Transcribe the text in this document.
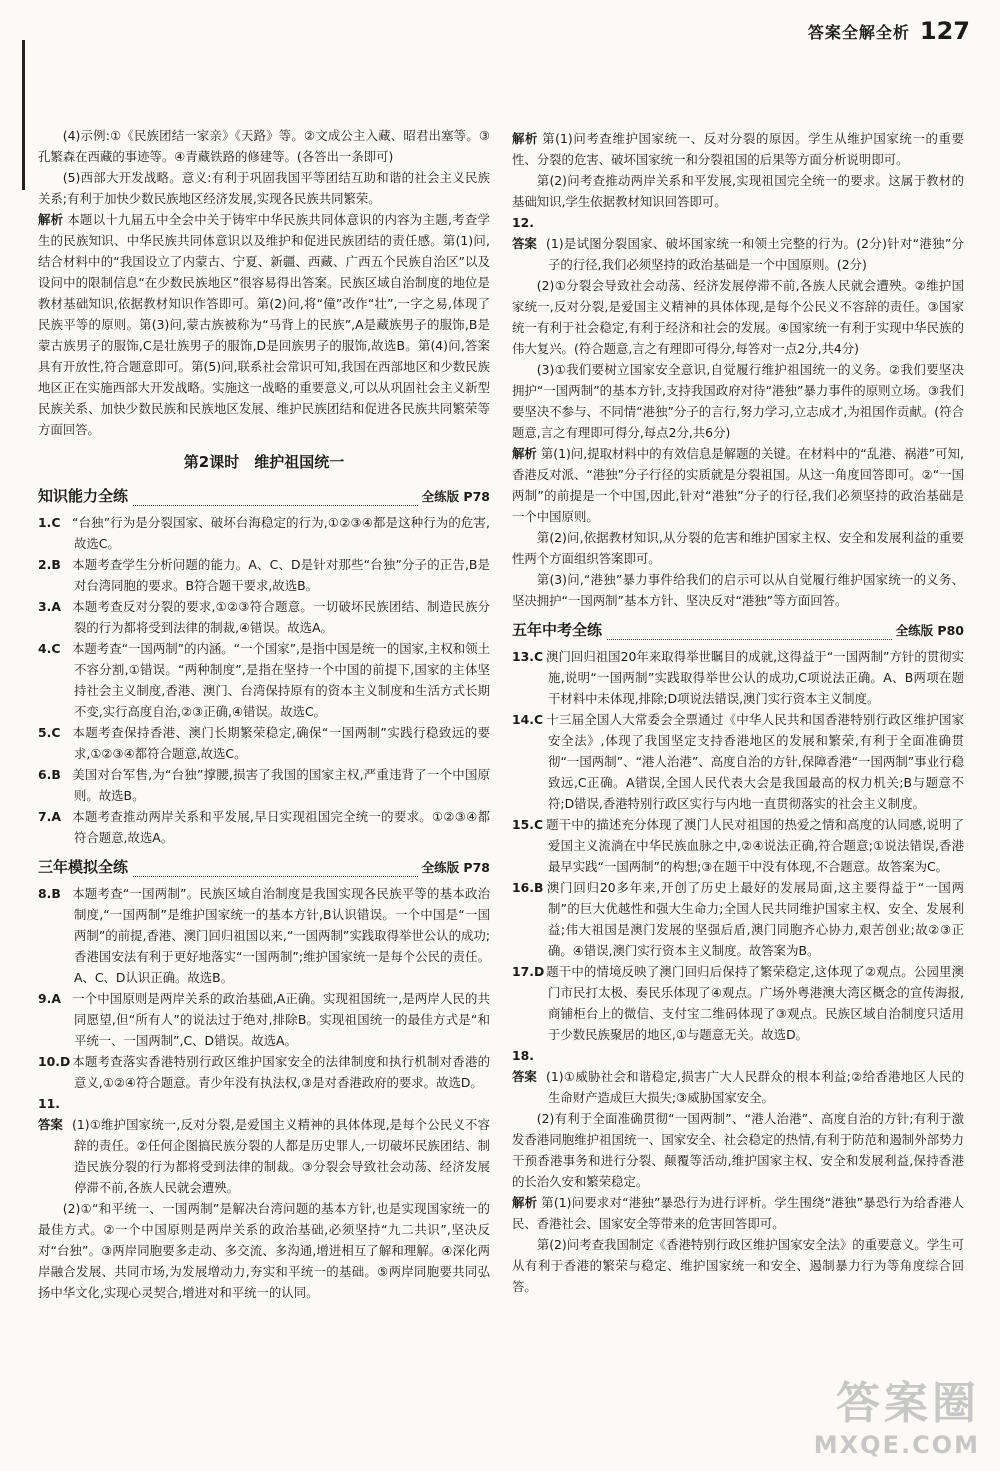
答案全解全析 127

(4)示例:①《民族团结一家亲》《天路》等。②文成公主入藏、昭君出塞等。③孔繁森在西藏的事迹等。④青藏铁路的修建等。(各答出一条即可)

(5)西部大开发战略。意义:有利于巩固我国平等团结互助和谐的社会主义民族关系;有利于加快少数民族地区经济发展,实现各民族共同繁荣。

解析 本题以十九届五中全会中关于铸牢中华民族共同体意识的内容为主题,考查学生的民族知识、中华民族共同体意识以及维护和促进民族团结的责任感。第(1)问,结合材料中的“我国设立了内蒙古、宁夏、新疆、西藏、广西五个民族自治区”以及设问中的限制信息“在少数民族地区”很容易得出答案。民族区域自治制度的地位是教材基础知识,依据教材知识作答即可。第(2)问,将“僮”改作“壮”,一字之易,体现了民族平等的原则。第(3)问,蒙古族被称为“马背上的民族”,A是藏族男子的服饰,B是蒙古族男子的服饰,C是壮族男子的服饰,D是回族男子的服饰,故选B。第(4)问,答案具有开放性,符合题意即可。第(5)问,联系社会常识可知,我国在西部地区和少数民族地区正在实施西部大开发战略。实施这一战略的重要意义,可以从巩固社会主义新型民族关系、加快少数民族和民族地区发展、维护民族团结和促进各民族共同繁荣等方面回答。

第2课时　维护祖国统一
知识能力全练	全练版 P78

1.C “台独”行为是分裂国家、破坏台海稳定的行为,①②③④都是这种行为的危害,故选C。

2.B 本题考查学生分析问题的能力。A、C、D是针对那些“台独”分子的正告,B是对台湾同胞的要求。B符合题干要求,故选B。

3.A 本题考查反对分裂的要求,①②③符合题意。一切破坏民族团结、制造民族分裂的行为都将受到法律的制裁,④错误。故选A。

4.C 本题考查“一国两制”的内涵。“一个国家”,是指中国是统一的国家,主权和领土不容分割,①错误。“两种制度”,是指在坚持一个中国的前提下,国家的主体坚持社会主义制度,香港、澳门、台湾保持原有的资本主义制度和生活方式长期不变,实行高度自治,②③正确,④错误。故选C。

5.C 本题考查保持香港、澳门长期繁荣稳定,确保“一国两制”实践行稳致远的要求,①②③④都符合题意,故选C。

6.B 美国对台军售,为“台独”撑腰,损害了我国的国家主权,严重违背了一个中国原则。故选B。

7.A 本题考查推动两岸关系和平发展,早日实现祖国完全统一的要求。①②③④都符合题意,故选A。

三年模拟全练	全练版 P78

8.B 本题考查“一国两制”。民族区域自治制度是我国实现各民族平等的基本政治制度,“一国两制”是维护国家统一的基本方针,B认识错误。一个中国是“一国两制”的前提,香港、澳门回归祖国以来,“一国两制”实践取得举世公认的成功;香港国安法有利于更好地落实“一国两制”;维护国家统一是每个公民的责任。A、C、D认识正确。故选B。

9.A 一个中国原则是两岸关系的政治基础,A正确。实现祖国统一,是两岸人民的共同愿望,但“所有人”的说法过于绝对,排除B。实现祖国统一的最佳方式是“和平统一、一国两制”,C、D错误。故选A。

10.D 本题考查落实香港特别行政区维护国家安全的法律制度和执行机制对香港的意义,①②④符合题意。青少年没有执法权,③是对香港政府的要求。故选D。

11.答案 (1)①维护国家统一,反对分裂,是爱国主义精神的具体体现,是每个公民义不容辞的责任。②任何企图搞民族分裂的人都是历史罪人,一切破坏民族团结、制造民族分裂的行为都将受到法律的制裁。③分裂会导致社会动荡、经济发展停滞不前,各族人民就会遭殃。

(2)①“和平统一、一国两制”是解决台湾问题的基本方针,也是实现国家统一的最佳方式。②一个中国原则是两岸关系的政治基础,必须坚持“九二共识”,坚决反对“台独”。③两岸同胞要多走动、多交流、多沟通,增进相互了解和理解。④深化两岸融合发展、共同市场,为发展增动力,夯实和平统一的基础。⑤两岸同胞要共同弘扬中华文化,实现心灵契合,增进对和平统一的认同。

解析 第(1)问考查维护国家统一、反对分裂的原因。学生从维护国家统一的重要性、分裂的危害、破坏国家统一和分裂祖国的后果等方面分析说明即可。

第(2)问考查推动两岸关系和平发展,实现祖国完全统一的要求。这属于教材的基础知识,学生依据教材知识回答即可。

12.答案 (1)是试图分裂国家、破坏国家统一和领土完整的行为。(2分)针对“港独”分子的行径,我们必须坚持的政治基础是一个中国原则。(2分)

(2)①分裂会导致社会动荡、经济发展停滞不前,各族人民就会遭殃。②维护国家统一,反对分裂,是爱国主义精神的具体体现,是每个公民义不容辞的责任。③国家统一有利于社会稳定,有利于经济和社会的发展。④国家统一有利于实现中华民族的伟大复兴。(符合题意,言之有理即可得分,每答对一点2分,共4分)

(3)①我们要树立国家安全意识,自觉履行维护祖国统一的义务。②我们要坚决拥护“一国两制”的基本方针,支持我国政府对待“港独”暴力事件的原则立场。③我们要坚决不参与、不同情“港独”分子的言行,努力学习,立志成才,为祖国作贡献。(符合题意,言之有理即可得分,每点2分,共6分)

解析 第(1)问,提取材料中的有效信息是解题的关键。在材料中的“乱港、祸港”可知,香港反对派、“港独”分子行径的实质就是分裂祖国。从这一角度回答即可。②“一国两制”的前提是一个中国,因此,针对“港独”分子的行径,我们必须坚持的政治基础是一个中国原则。

第(2)问,依据教材知识,从分裂的危害和维护国家主权、安全和发展利益的重要性两个方面组织答案即可。

第(3)问,“港独”暴力事件给我们的启示可以从自觉履行维护国家统一的义务、坚决拥护“一国两制”基本方针、坚决反对“港独”等方面回答。

五年中考全练	全练版 P80

13.C 澳门回归祖国20年来取得举世瞩目的成就,这得益于“一国两制”方针的贯彻实施,说明“一国两制”实践取得举世公认的成功,C项说法正确。A、B两项在题干材料中未体现,排除;D项说法错误,澳门实行资本主义制度。

14.C 十三届全国人大常委会全票通过《中华人民共和国香港特别行政区维护国家安全法》,体现了我国坚定支持香港地区的发展和繁荣,有利于全面准确贯彻“一国两制”、“港人治港”、高度自治的方针,保障香港“一国两制”事业行稳致远,C正确。A错误,全国人民代表大会是我国最高的权力机关;B与题意不符;D错误,香港特别行政区实行与内地一直贯彻落实的社会主义制度。

15.C 题干中的描述充分体现了澳门人民对祖国的热爱之情和高度的认同感,说明了爱国主义流淌在中华民族血脉之中,②④说法正确,符合题意;①说法错误,香港最早实践“一国两制”的构想;③在题干中没有体现,不合题意。故答案为C。

16.B 澳门回归20多年来,开创了历史上最好的发展局面,这主要得益于“一国两制”的巨大优越性和强大生命力;全国人民共同维护国家主权、安全、发展利益;伟大祖国是澳门发展的坚强后盾,澳门同胞齐心协力,艰苦创业;故②③正确。④错误,澳门实行资本主义制度。故答案为B。

17.D 题干中的情境反映了澳门回归后保持了繁荣稳定,这体现了②观点。公园里澳门市民打太极、奏民乐体现了④观点。广场外粤港澳大湾区概念的宣传海报,商铺柜台上的微信、支付宝二维码体现了③观点。民族区域自治制度只适用于少数民族聚居的地区,①与题意无关。故选D。

18.答案 (1)①威胁社会和谐稳定,损害广大人民群众的根本利益;②给香港地区人民的生命财产造成巨大损失;③威胁国家安全。

(2)有利于全面准确贯彻“一国两制”、“港人治港”、高度自治的方针;有利于激发香港同胞维护祖国统一、国家安全、社会稳定的热情,有利于防范和遏制外部势力干预香港事务和进行分裂、颠覆等活动,维护国家主权、安全和发展利益,保持香港的长治久安和繁荣稳定。

解析 第(1)问要求对“港独”暴恐行为进行评析。学生围绕“港独”暴恐行为给香港人民、香港社会、国家安全等带来的危害回答即可。

第(2)问考查我国制定《香港特别行政区维护国家安全法》的重要意义。学生可从有利于香港的繁荣与稳定、维护国家统一和安全、遏制暴力行为等角度综合回答。

答案圈
MXQE.COM
